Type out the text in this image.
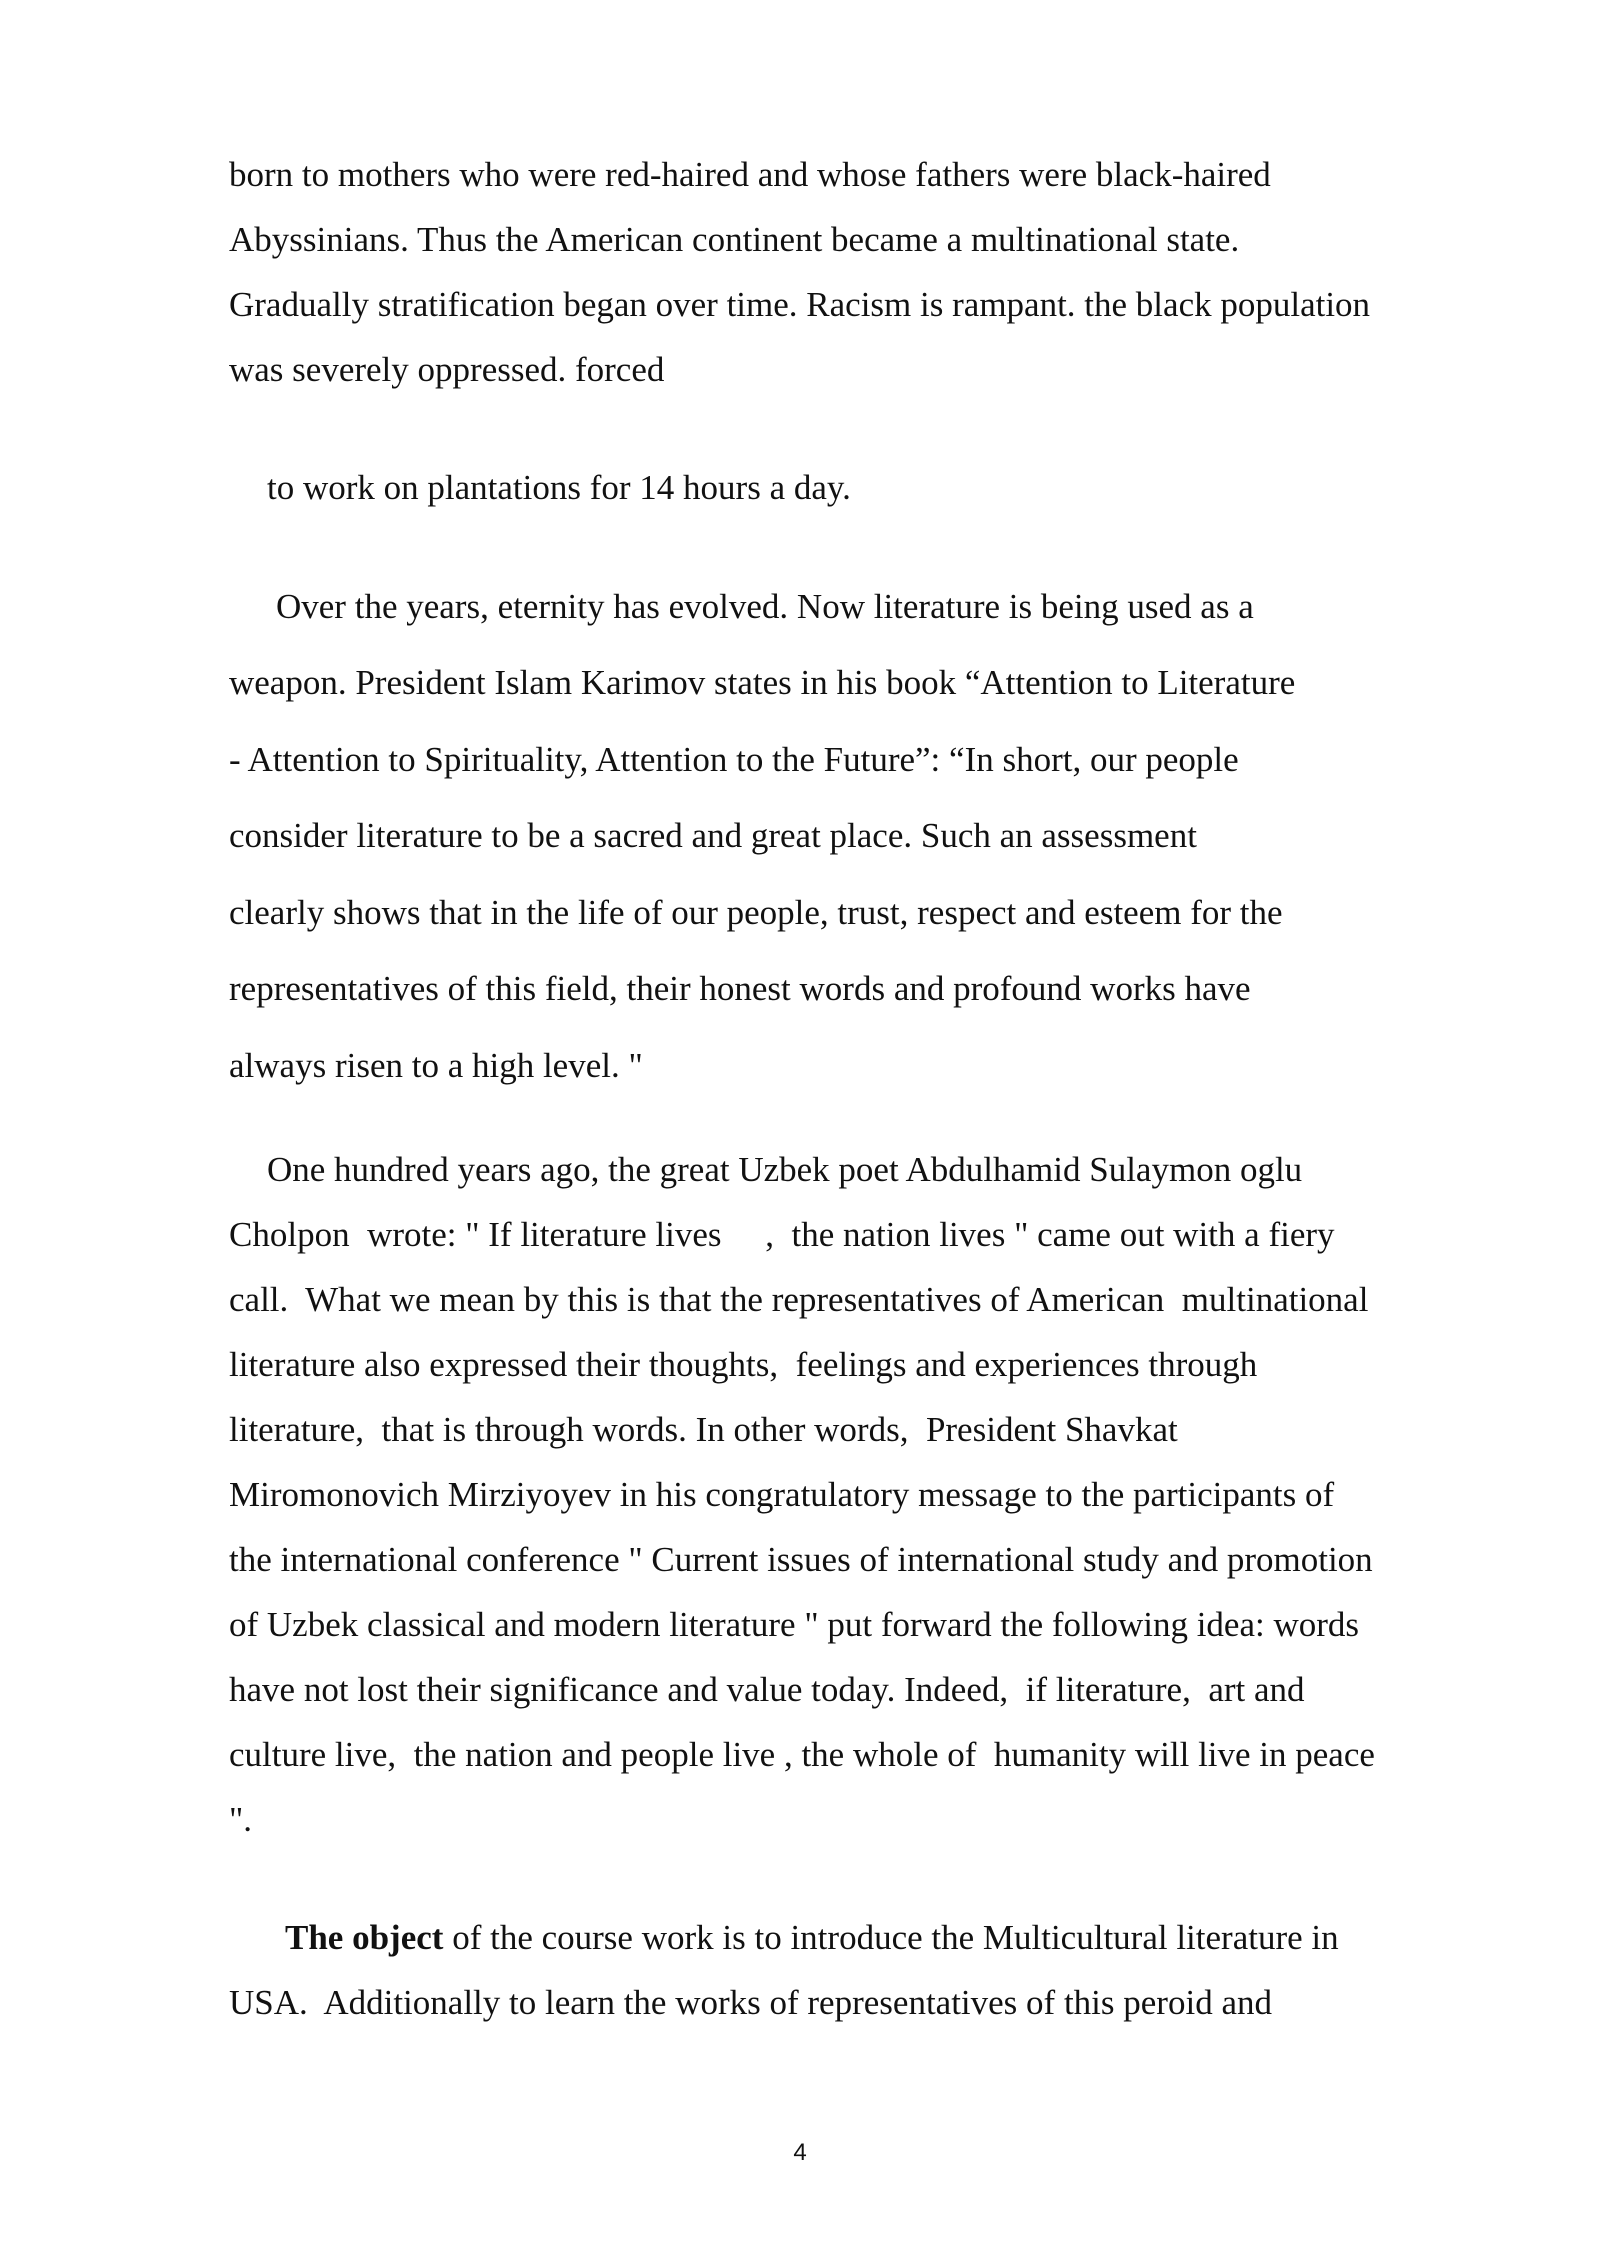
born to mothers who were red-haired and whose fathers were black-haired

Abyssinians. Thus the American continent became a multinational state.

Gradually stratification began over time. Racism is rampant. the black population

was severely oppressed. forced

to work on plantations for 14 hours a day.

Over the years, eternity has evolved. Now literature is being used as a

weapon. President Islam Karimov states in his book “Attention to Literature

- Attention to Spirituality, Attention to the Future”: “In short, our people

consider literature to be a sacred and great place. Such an assessment

clearly shows that in the life of our people, trust, respect and esteem for the

representatives of this field, their honest words and profound works have

always risen to a high level. "

One hundred years ago, the great Uzbek poet Abdulhamid Sulaymon oglu

Cholpon  wrote: " If literature lives     ,  the nation lives " came out with a fiery

call.  What we mean by this is that the representatives of American  multinational

literature also expressed their thoughts,  feelings and experiences through

literature,  that is through words. In other words,  President Shavkat

Miromonovich Mirziyoyev in his congratulatory message to the participants of

the international conference " Current issues of international study and promotion

of Uzbek classical and modern literature " put forward the following idea: words

have not lost their significance and value today. Indeed,  if literature,  art and

culture live,  the nation and people live , the whole of  humanity will live in peace

".

The object of the course work is to introduce the Multicultural literature in

USA.  Additionally to learn the works of representatives of this peroid and

4
